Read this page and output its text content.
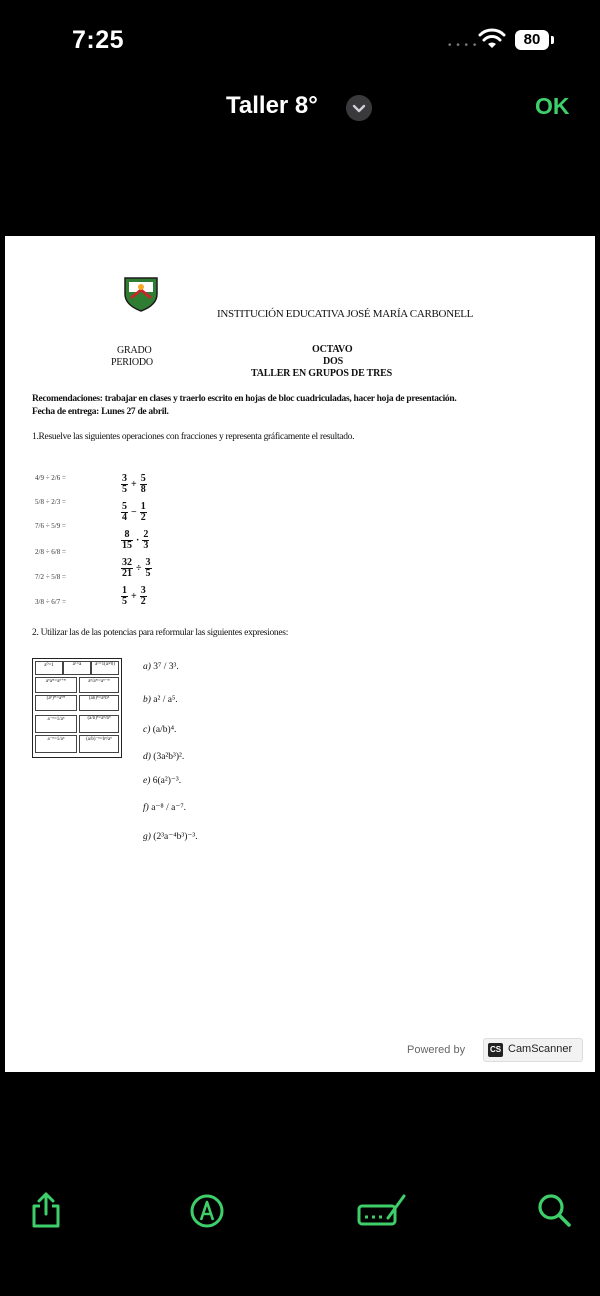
7:25	• • • •	80
Taller 8°	OK
INSTITUCIÓN EDUCATIVA JOSÉ MARÍA CARBONELL
GRADO
PERIODO
OCTAVO
DOS
TALLER EN GRUPOS DE TRES
Recomendaciones: trabajar en clases y traerlo escrito en hojas de bloc cuadriculadas, hacer hoja de presentación.
Fecha de entrega: Lunes 27 de abril.
1.Resuelve las siguientes operaciones con fracciones y representa gráficamente el resultado.
4/9 ÷ 2/6 =
5/8 ÷ 2/3 =
7/6 ÷ 5/9 =
2/8 ÷ 6/8 =
7/2 ÷ 5/8 =
3/8 ÷ 6/7 =
$\frac{3}{5} + \frac{5}{8}$
$\frac{5}{4} - \frac{1}{2}$
$\frac{8}{15} \cdot \frac{2}{3}$
$\frac{32}{21} \div \frac{3}{5}$
$\frac{1}{5} + \frac{3}{2}$
2. Utilizar las de las potencias para reformular las siguientes expresiones:
a⁰=1	a¹=a	a¹=1(a≠0)
aⁿaᵐ=aⁿ⁺ᵐ	aⁿ/aᵐ=aⁿ⁻ᵐ
(aⁿ)ᵐ=aⁿᵐ	(ab)ⁿ=aⁿbⁿ
a⁻ⁿ=1/aⁿ	(a/b)ⁿ=aⁿ/bⁿ
a⁻ⁿ=1/aⁿ	(a/b)⁻ⁿ=bⁿ/aⁿ
a) 3⁷ / 3³.
b) a² / a⁵.
c) (a/b)⁴.
d) (3a²b³)².
e) 6(a²)⁻³.
f) a⁻⁸ / a⁻⁷.
g) (2³a⁻⁴b³)⁻³.
Powered by	CS CamScanner
